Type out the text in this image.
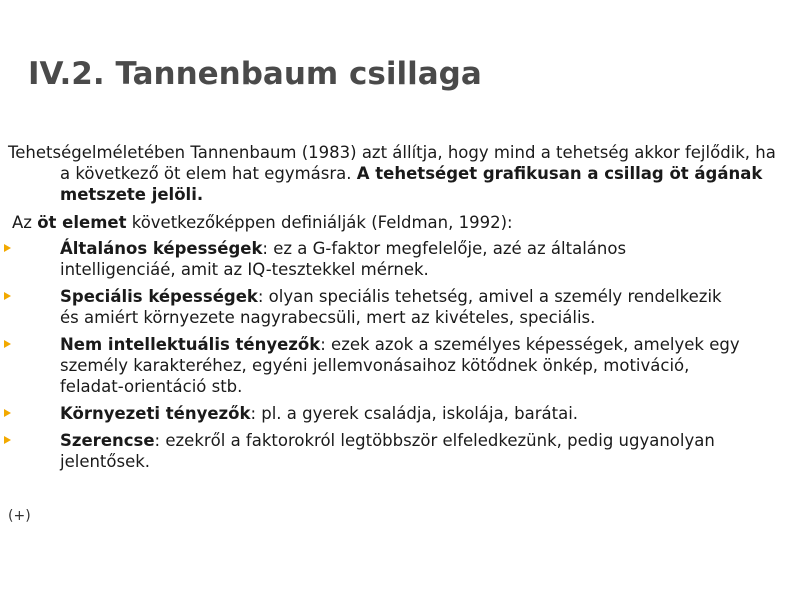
IV.2. Tannenbaum csillaga

Tehetségelméletében Tannenbaum (1983) azt állítja, hogy mind a tehetség akkor fejlődik, ha a következő öt elem hat egymásra. A tehetséget grafikusan a csillag öt ágának metszete jelöli.

Az öt elemet következőképpen definiálják (Feldman, 1992):

Általános képességek: ez a G-faktor megfelelője, azé az általános intelligenciáé, amit az IQ-tesztekkel mérnek.
Speciális képességek: olyan speciális tehetség, amivel a személy rendelkezik és amiért környezete nagyrabecsüli, mert az kivételes, speciális.
Nem intellektuális tényezők: ezek azok a személyes képességek, amelyek egy személy karakteréhez, egyéni jellemvonásaihoz kötődnek önkép, motiváció, feladat-orientáció stb.
Környezeti tényezők: pl. a gyerek családja, iskolája, barátai.
Szerencse: ezekről a faktorokról legtöbbször elfeledkezünk, pedig ugyanolyan jelentősek.
(+)
